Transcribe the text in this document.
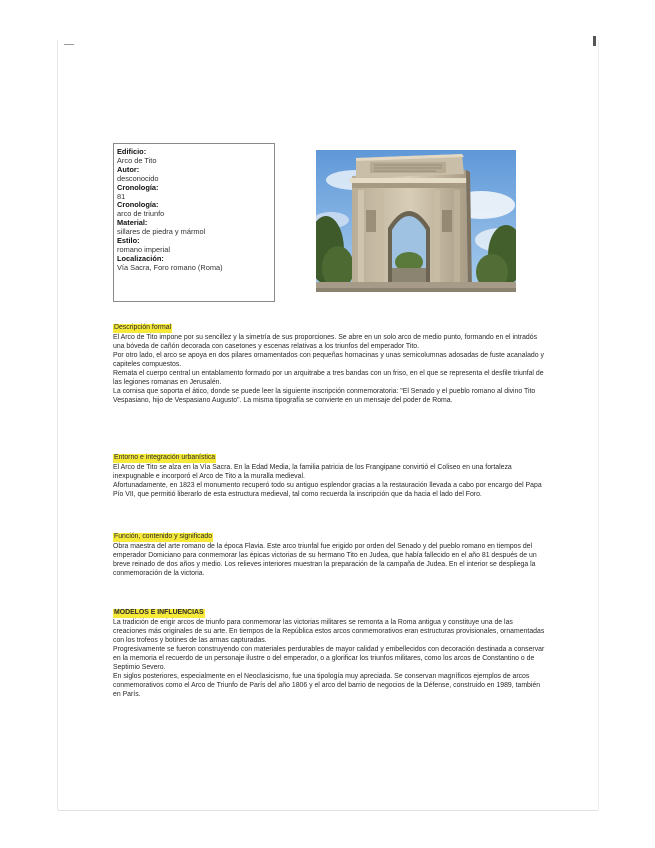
Edificio:
Arco de Tito
Autor:
desconocido
Cronología:
81
Cronología:
arco de triunfo
Material:
sillares de piedra y mármol
Estilo:
romano imperial
Localización:
Vía Sacra, Foro romano (Roma)
Descripción formal

El Arco de Tito impone por su sencillez y la simetría de sus proporciones. Se abre en un solo arco de medio punto, formando en el intradós una bóveda de cañón decorada con casetones y escenas relativas a los triunfos del emperador Tito.

Por otro lado, el arco se apoya en dos pilares ornamentados con pequeñas hornacinas y unas semicolumnas adosadas de fuste acanalado y capiteles compuestos.

Remata el cuerpo central un entablamento formado por un arquitrabe a tres bandas con un friso, en el que se representa el desfile triunfal de las legiones romanas en Jerusalén.

La cornisa que soporta el ático, donde se puede leer la siguiente inscripción conmemoratoria: "El Senado y el pueblo romano al divino Tito Vespasiano, hijo de Vespasiano Augusto". La misma tipografía se convierte en un mensaje del poder de Roma.

Entorno e integración urbanística

El Arco de Tito se alza en la Vía Sacra. En la Edad Media, la familia patricia de los Frangipane convirtió el Coliseo en una fortaleza inexpugnable e incorporó el Arco de Tito a la muralla medieval.

Afortunadamente, en 1823 el monumento recuperó todo su antiguo esplendor gracias a la restauración llevada a cabo por encargo del Papa Pío VII, que permitió liberarlo de esta estructura medieval, tal como recuerda la inscripción que da hacia el lado del Foro.

Función, contenido y significado

Obra maestra del arte romano de la época Flavia. Este arco triunfal fue erigido por orden del Senado y del pueblo romano en tiempos del emperador Domiciano para conmemorar las épicas victorias de su hermano Tito en Judea, que había fallecido en el año 81 después de un breve reinado de dos años y medio. Los relieves interiores muestran la preparación de la campaña de Judea. En el interior se despliega la conmemoración de la victoria.

MODELOS E INFLUENCIAS

La tradición de erigir arcos de triunfo para conmemorar las victorias militares se remonta a la Roma antigua y constituye una de las creaciones más originales de su arte. En tiempos de la República estos arcos conmemorativos eran estructuras provisionales, ornamentadas con los trofeos y botines de las armas capturadas.

Progresivamente se fueron construyendo con materiales perdurables de mayor calidad y embellecidos con decoración destinada a conservar en la memoria el recuerdo de un personaje ilustre o del emperador, o a glorificar los triunfos militares, como los arcos de Constantino o de Septimio Severo.

En siglos posteriores, especialmente en el Neoclasicismo, fue una tipología muy apreciada. Se conservan magníficos ejemplos de arcos conmemorativos como el Arco de Triunfo de París del año 1806 y el arco del barrio de negocios de la Défense, construido en 1989, también en París.
